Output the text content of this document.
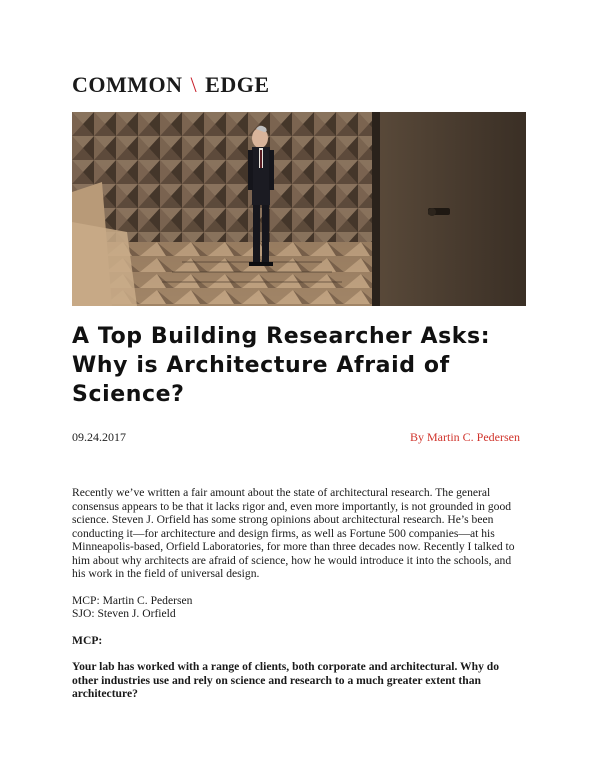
COMMON \ EDGE
A Top Building Researcher Asks:
Why is Architecture Afraid of
Science?
09.24.2017	By Martin C. Pedersen

Recently we’ve written a fair amount about the state of architectural research. The general
consensus appears to be that it lacks rigor and, even more importantly, is not grounded in good
science. Steven J. Orfield has some strong opinions about architectural research. He’s been
conducting it—for architecture and design firms, as well as Fortune 500 companies—at his
Minneapolis-based, Orfield Laboratories, for more than three decades now. Recently I talked to
him about why architects are afraid of science, how he would introduce it into the schools, and
his work in the field of universal design.

MCP: Martin C. Pedersen
SJO: Steven J. Orfield

MCP:

Your lab has worked with a range of clients, both corporate and architectural. Why do
other industries use and rely on science and research to a much greater extent than
architecture?
